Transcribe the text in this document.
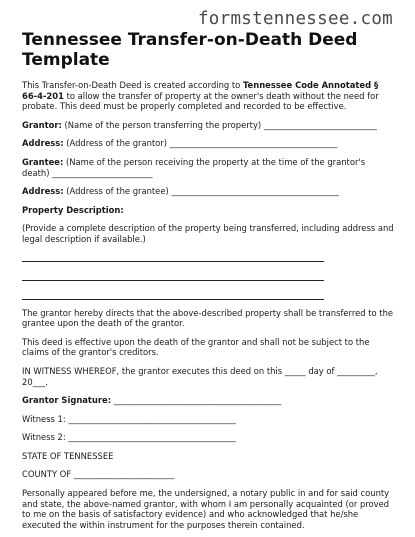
formstennessee.com
Tennessee Transfer-on-Death Deed Template

This Transfer-on-Death Deed is created according to Tennessee Code Annotated § 66-4-201 to allow the transfer of property at the owner's death without the need for probate. This deed must be properly completed and recorded to be effective.

Grantor: (Name of the person transferring the property) ___________________________

Address: (Address of the grantor) ________________________________________

Grantee: (Name of the person receiving the property at the time of the grantor's death) ________________________

Address: (Address of the grantee) ________________________________________

Property Description:

(Provide a complete description of the property being transferred, including address and legal description if available.)

The grantor hereby directs that the above-described property shall be transferred to the grantee upon the death of the grantor.

This deed is effective upon the death of the grantor and shall not be subject to the claims of the grantor's creditors.

IN WITNESS WHEREOF, the grantor executes this deed on this _____ day of _________, 20___.

Grantor Signature: ________________________________________

Witness 1: ________________________________________

Witness 2: ________________________________________

STATE OF TENNESSEE

COUNTY OF ________________________

Personally appeared before me, the undersigned, a notary public in and for said county and state, the above-named grantor, with whom I am personally acquainted (or proved to me on the basis of satisfactory evidence) and who acknowledged that he/she executed the within instrument for the purposes therein contained.
